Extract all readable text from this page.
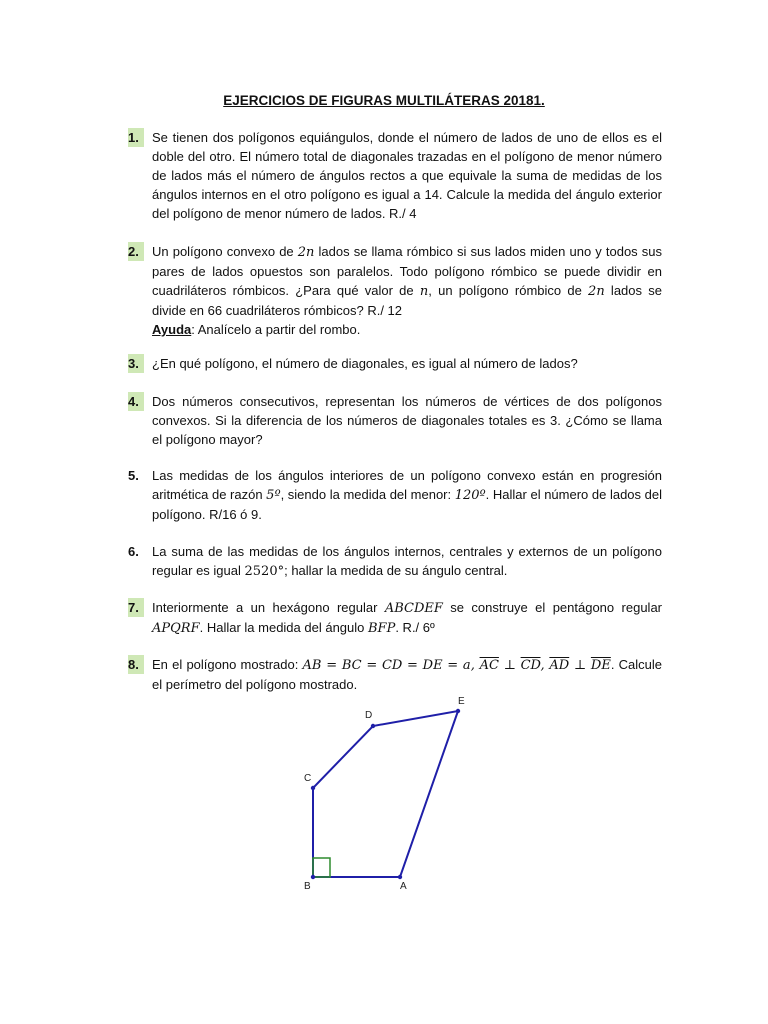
EJERCICIOS DE FIGURAS MULTILÁTERAS 20181.
1.	Se tienen dos polígonos equiángulos, donde el número de lados de uno de ellos es el doble del otro. El número total de diagonales trazadas en el polígono de menor número de lados más el número de ángulos rectos a que equivale la suma de medidas de los ángulos internos en el otro polígono es igual a 14. Calcule la medida del ángulo exterior del polígono de menor número de lados. R./ 4
2.	Un polígono convexo de 2n lados se llama rómbico si sus lados miden uno y todos sus pares de lados opuestos son paralelos. Todo polígono rómbico se puede dividir en cuadriláteros rómbicos. ¿Para qué valor de n, un polígono rómbico de 2n lados se divide en 66 cuadriláteros rómbicos? R./ 12
Ayuda: Analícelo a partir del rombo.
3.	¿En qué polígono, el número de diagonales, es igual al número de lados?
4.	Dos números consecutivos, representan los números de vértices de dos polígonos convexos. Si la diferencia de los números de diagonales totales es 3. ¿Cómo se llama el polígono mayor?
5.	Las medidas de los ángulos interiores de un polígono convexo están en progresión aritmética de razón 5º, siendo la medida del menor: 120º. Hallar el número de lados del polígono. R/16 ó 9.
6.	La suma de las medidas de los ángulos internos, centrales y externos de un polígono regular es igual 2520°; hallar la medida de su ángulo central.
7.	Interiormente a un hexágono regular ABCDEF se construye el pentágono regular APQRF. Hallar la medida del ángulo BFP. R./ 6º
8.	En el polígono mostrado: AB = BC = CD = DE = a, $\overline{AC}$ ⊥ $\overline{CD}$, $\overline{AD}$ ⊥ $\overline{DE}$. Calcule el perímetro del polígono mostrado.
A
B
C
D
E
